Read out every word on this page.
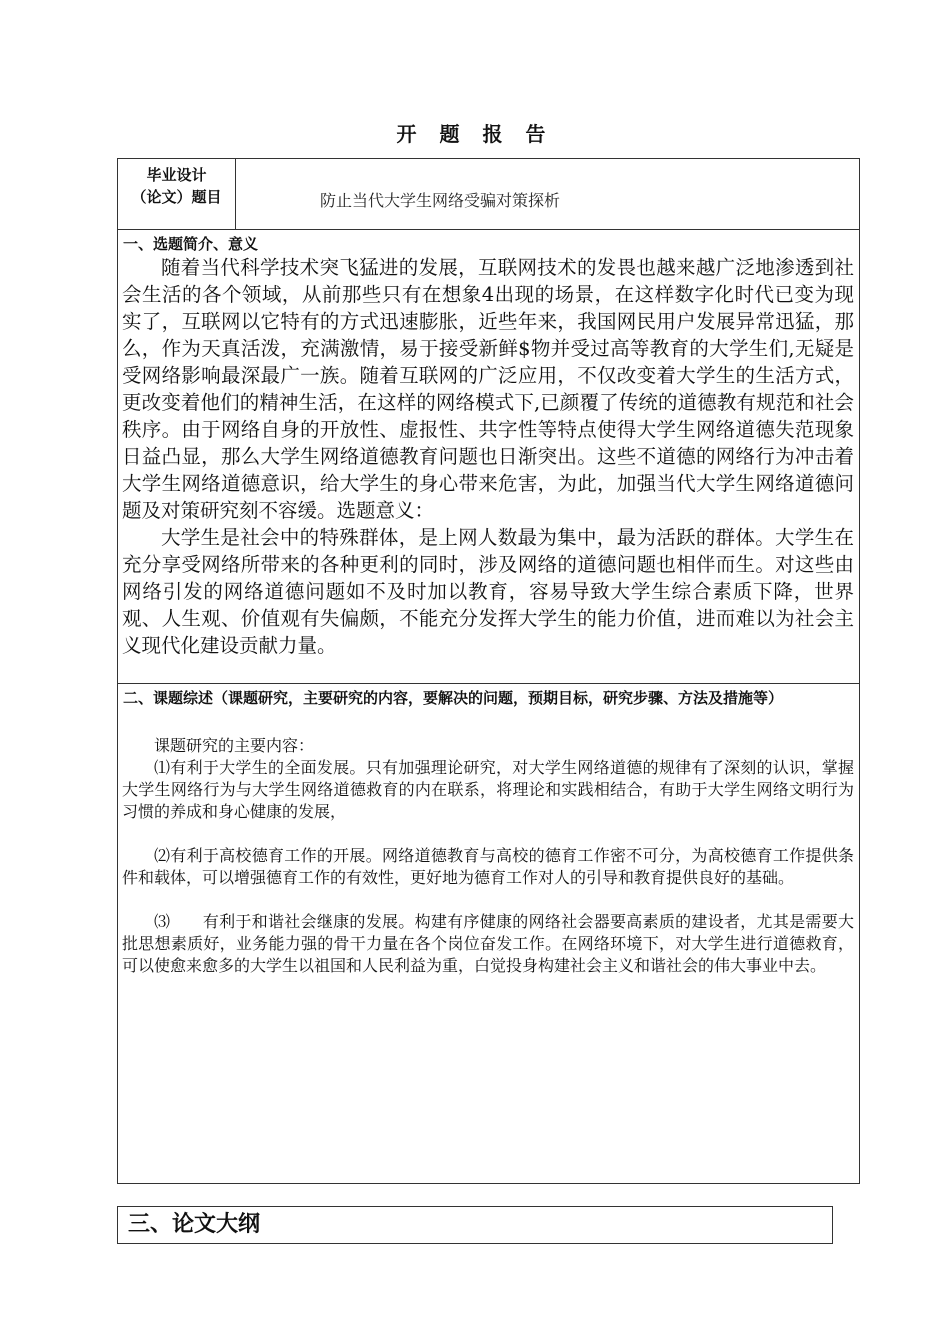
开 题 报 告
毕业设计
（论文）题目	防止当代大学生网络受骗对策探析
一、选题简介、意义

随着当代科学技术突飞猛进的发展，互联网技术的发畏也越来越广泛地渗透到社会生活的各个领域，从前那些只有在想象4出现的场景，在这样数字化时代已变为现实了，互联网以它特有的方式迅速膨胀，近些年来，我国网民用户发展异常迅猛，那么，作为天真活泼，充满激情，易于接受新鲜$物并受过高等教育的大学生们,无疑是受网络影响最深最广一族。随着互联网的广泛应用，不仅改变着大学生的生活方式，更改变着他们的精神生活，在这样的网络模式下,已颜覆了传统的道德教有规范和社会秩序。由于网络自身的开放性、虚报性、共字性等特点使得大学生网络道德失范现象日益凸显，那么大学生网络道德教育问题也日渐突出。这些不道德的网络行为冲击着大学生网络道德意识，给大学生的身心带来危害，为此，加强当代大学生网络道德问题及对策研究刻不容缓。选题意义：

大学生是社会中的特殊群体，是上网人数最为集中，最为活跃的群体。大学生在充分享受网络所带来的各种更利的同时，涉及网络的道德问题也相伴而生。对这些由网络引发的网络道德问题如不及时加以教育，容易导致大学生综合素质下降，世界观、人生观、价值观有失偏颇，不能充分发挥大学生的能力价值，进而难以为社会主义现代化建设贡献力量。

二、课题综述（课题研究，主要研究的内容，要解决的问题，预期目标，研究步骤、方法及措施等）

课题研究的主要内容：

⑴有利于大学生的全面发展。只有加强理论研究，对大学生网络道德的规律有了深刻的认识，掌握大学生网络行为与大学生网络道德救育的内在联系，将理论和实践相结合，有助于大学生网络文明行为习惯的养成和身心健康的发展，

⑵有利于高校德育工作的开展。网络道德教育与高校的德育工作密不可分，为高校德育工作提供条件和载体，可以增强德育工作的有效性，更好地为德育工作对人的引导和教育提供良好的基础。

⑶　　有利于和谐社会继康的发展。构建有序健康的网络社会器要高素质的建设者，尤其是需要大批思想素质好，业务能力强的骨干力量在各个岗位奋发工作。在网络环境下，对大学生进行道德救育，可以使愈来愈多的大学生以祖国和人民利益为重，白觉投身构建社会主义和谐社会的伟大事业中去。

三、论文大纲
